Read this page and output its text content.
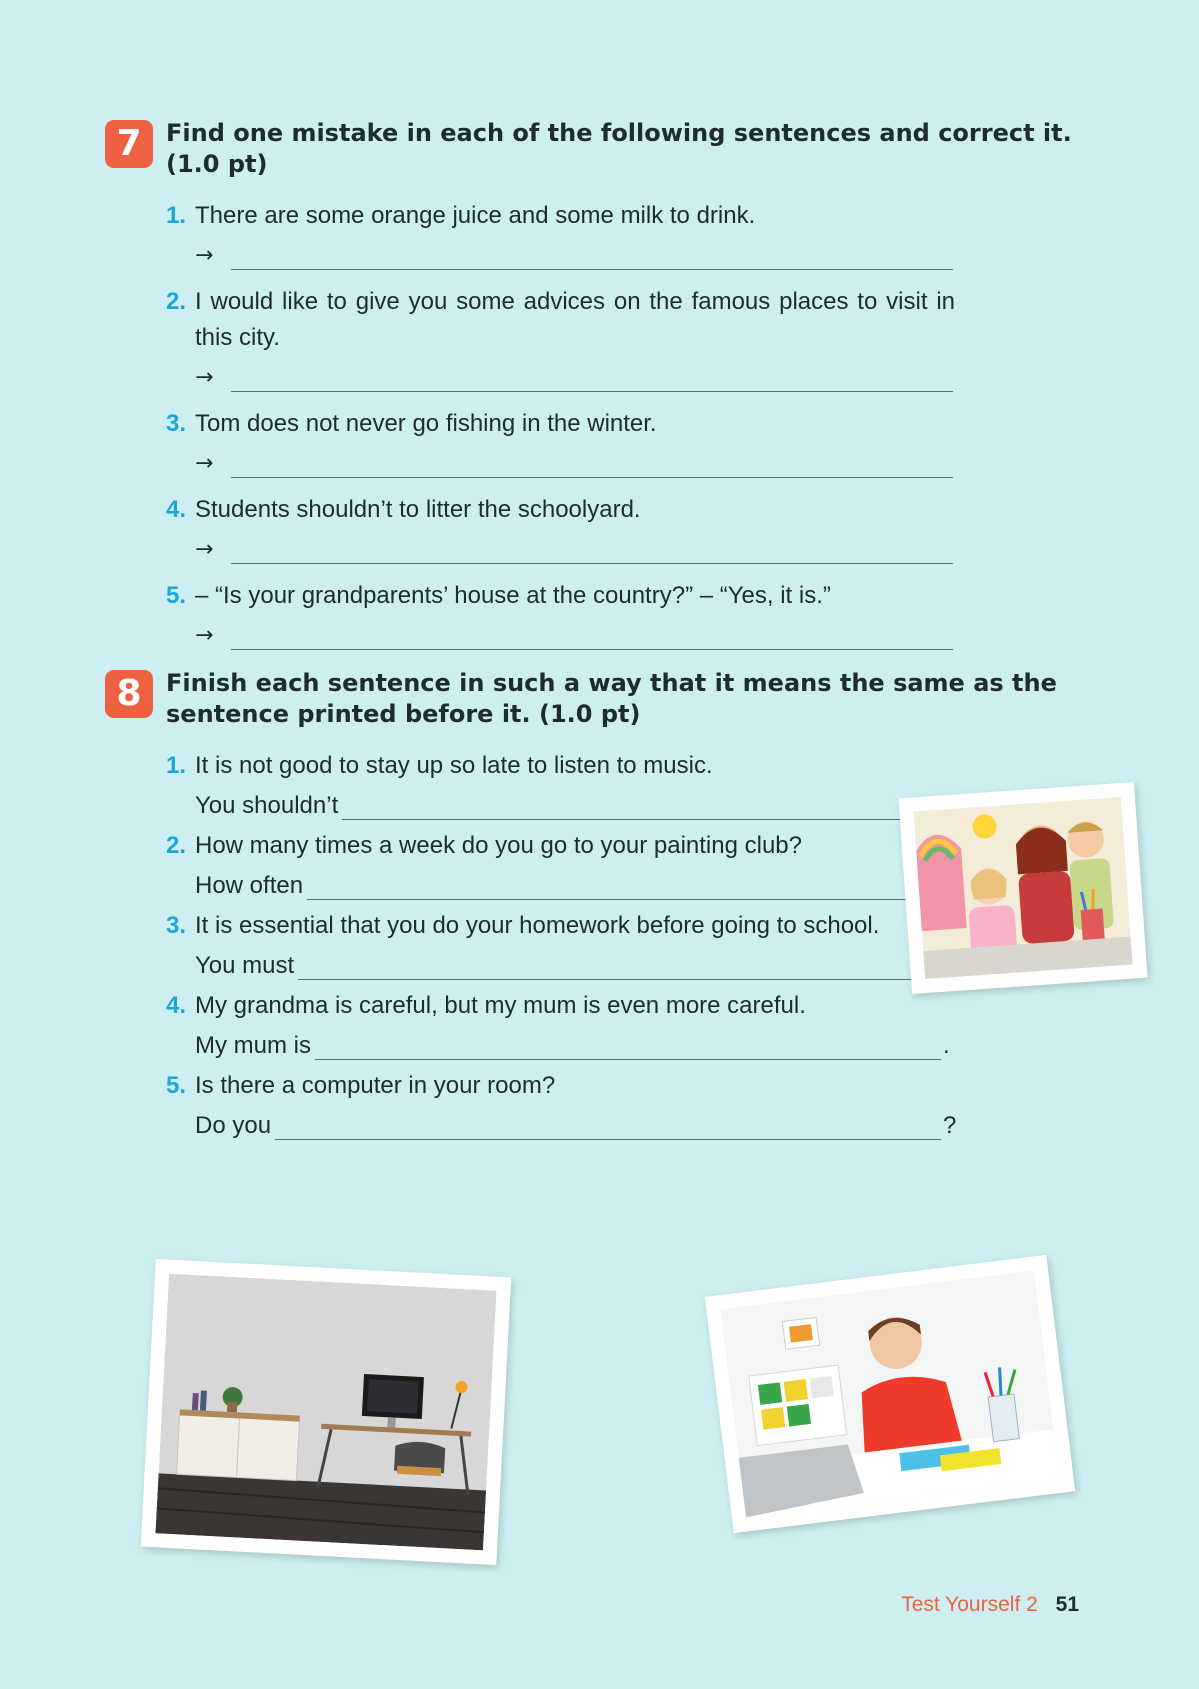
7	Find one mistake in each of the following sentences and correct it. (1.0 pt)
1. There are some orange juice and some milk to drink.
→
2. I would like to give you some advices on the famous places to visit in this city.
→
3. Tom does not never go fishing in the winter.
→
4. Students shouldn’t to litter the schoolyard.
→
5. – “Is your grandparents’ house at the country?” – “Yes, it is.”
→
8	Finish each sentence in such a way that it means the same as the sentence printed before it. (1.0 pt)
1. It is not good to stay up so late to listen to music.
You shouldn’t
2. How many times a week do you go to your painting club?
How often
3. It is essential that you do your homework before going to school.
You must
4. My grandma is careful, but my mum is even more careful.
My mum is	.
5. Is there a computer in your room?
Do you	?
Test Yourself 2 51
